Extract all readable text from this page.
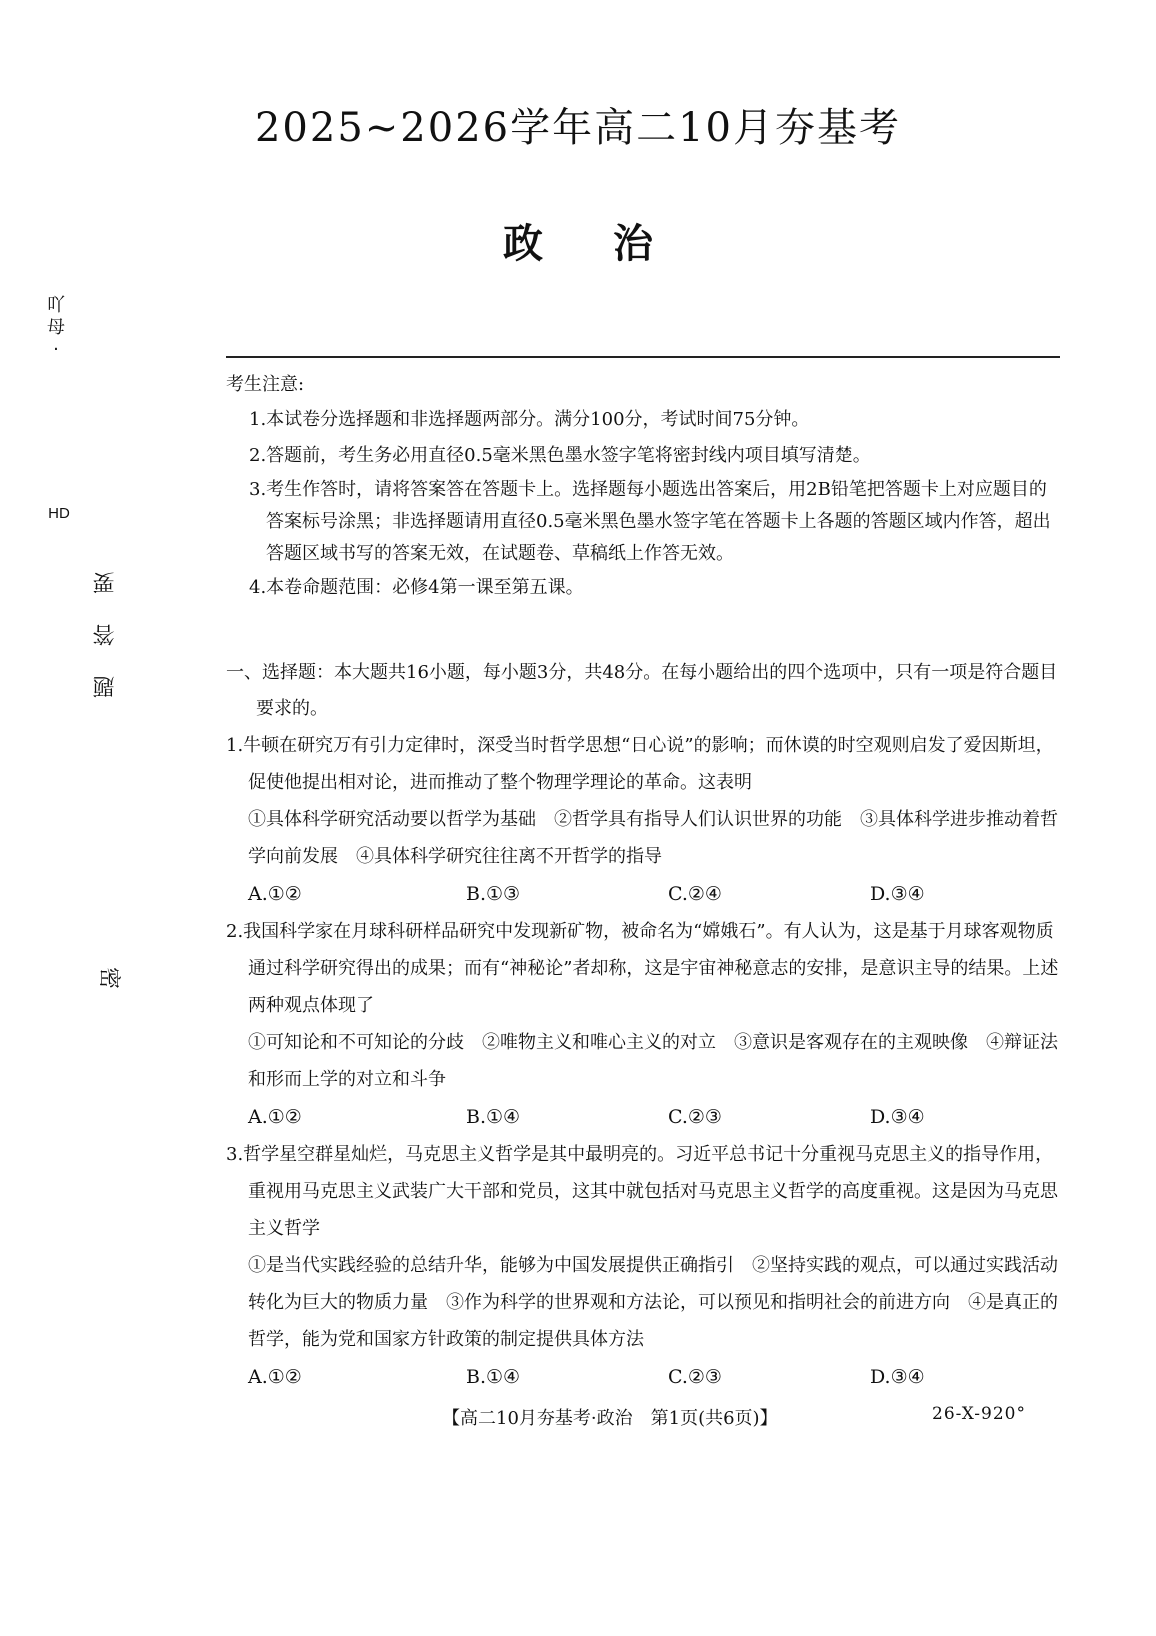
2025~2026学年高二10月夯基考
政治
吖
母
·
HD
题答要
密
考生注意:
1.本试卷分选择题和非选择题两部分。满分100分，考试时间75分钟。
2.答题前，考生务必用直径0.5毫米黑色墨水签字笔将密封线内项目填写清楚。
3.考生作答时，请将答案答在答题卡上。选择题每小题选出答案后，用2B铅笔把答题卡上对应题目的答案标号涂黑；非选择题请用直径0.5毫米黑色墨水签字笔在答题卡上各题的答题区域内作答，超出答题区域书写的答案无效，在试题卷、草稿纸上作答无效。
4.本卷命题范围：必修4第一课至第五课。
一、选择题：本大题共16小题，每小题3分，共48分。在每小题给出的四个选项中，只有一项是符合题目要求的。
1.牛顿在研究万有引力定律时，深受当时哲学思想“日心说”的影响；而休谟的时空观则启发了爱因斯坦，促使他提出相对论，进而推动了整个物理学理论的革命。这表明
①具体科学研究活动要以哲学为基础　②哲学具有指导人们认识世界的功能　③具体科学进步推动着哲学向前发展　④具体科学研究往往离不开哲学的指导
A.①②	B.①③	C.②④	D.③④
2.我国科学家在月球科研样品研究中发现新矿物，被命名为“嫦娥石”。有人认为，这是基于月球客观物质通过科学研究得出的成果；而有“神秘论”者却称，这是宇宙神秘意志的安排，是意识主导的结果。上述两种观点体现了
①可知论和不可知论的分歧　②唯物主义和唯心主义的对立　③意识是客观存在的主观映像　④辩证法和形而上学的对立和斗争
A.①②	B.①④	C.②③	D.③④
3.哲学星空群星灿烂，马克思主义哲学是其中最明亮的。习近平总书记十分重视马克思主义的指导作用，重视用马克思主义武装广大干部和党员，这其中就包括对马克思主义哲学的高度重视。这是因为马克思主义哲学
①是当代实践经验的总结升华，能够为中国发展提供正确指引　②坚持实践的观点，可以通过实践活动转化为巨大的物质力量　③作为科学的世界观和方法论，可以预见和指明社会的前进方向　④是真正的哲学，能为党和国家方针政策的制定提供具体方法
A.①②	B.①④	C.②③	D.③④
【高二10月夯基考·政治　第1页(共6页)】	26-X-920°
